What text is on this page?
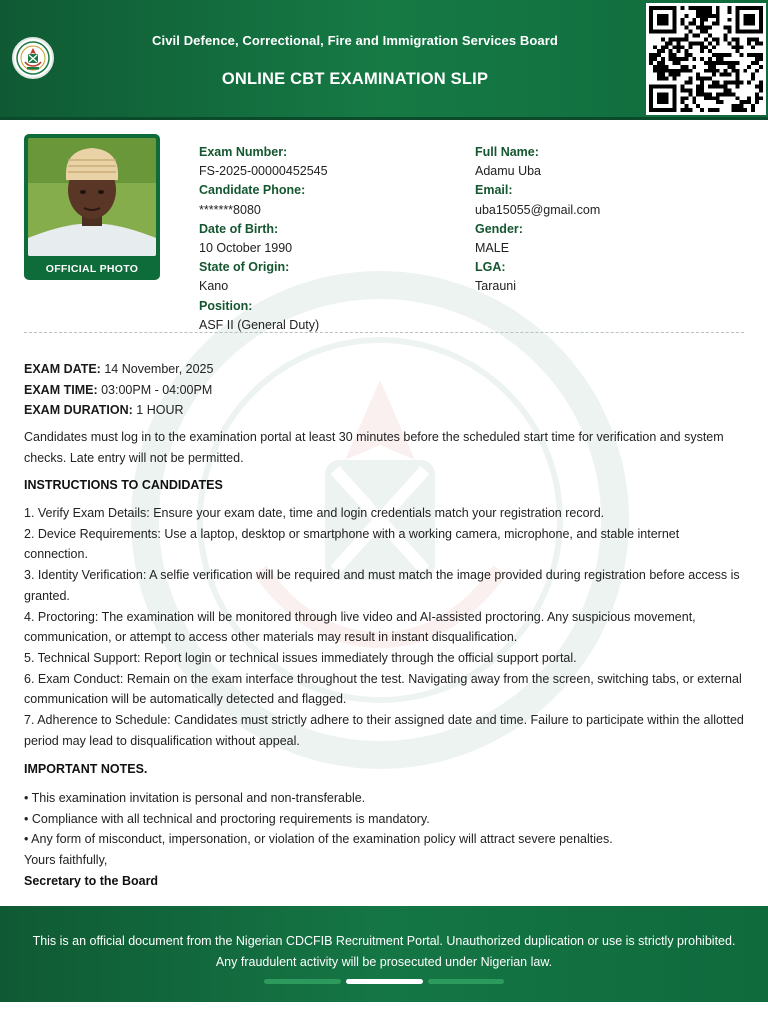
Civil Defence, Correctional, Fire and Immigration Services Board
ONLINE CBT EXAMINATION SLIP
OFFICIAL PHOTO
Exam Number:
FS-2025-00000452545
Candidate Phone:
*******8080
Date of Birth:
10 October 1990
State of Origin:
Kano
Position:
ASF II (General Duty)
Full Name:
Adamu Uba
Email:
uba15055@gmail.com
Gender:
MALE
LGA:
Tarauni
EXAM DATE: 14 November, 2025
EXAM TIME: 03:00PM - 04:00PM
EXAM DURATION: 1 HOUR
Candidates must log in to the examination portal at least 30 minutes before the scheduled start time for verification and system checks. Late entry will not be permitted.
INSTRUCTIONS TO CANDIDATES

1. Verify Exam Details: Ensure your exam date, time and login credentials match your registration record.

2. Device Requirements: Use a laptop, desktop or smartphone with a working camera, microphone, and stable internet connection.

3. Identity Verification: A selfie verification will be required and must match the image provided during registration before access is granted.

4. Proctoring: The examination will be monitored through live video and AI-assisted proctoring. Any suspicious movement, communication, or attempt to access other materials may result in instant disqualification.

5. Technical Support: Report login or technical issues immediately through the official support portal.

6. Exam Conduct: Remain on the exam interface throughout the test. Navigating away from the screen, switching tabs, or external communication will be automatically detected and flagged.

7. Adherence to Schedule: Candidates must strictly adhere to their assigned date and time. Failure to participate within the allotted period may lead to disqualification without appeal.

IMPORTANT NOTES.

• This examination invitation is personal and non-transferable.

• Compliance with all technical and proctoring requirements is mandatory.

• Any form of misconduct, impersonation, or violation of the examination policy will attract severe penalties.

Yours faithfully,

Secretary to the Board

This is an official document from the Nigerian CDCFIB Recruitment Portal. Unauthorized duplication or use is strictly prohibited. Any fraudulent activity will be prosecuted under Nigerian law.
